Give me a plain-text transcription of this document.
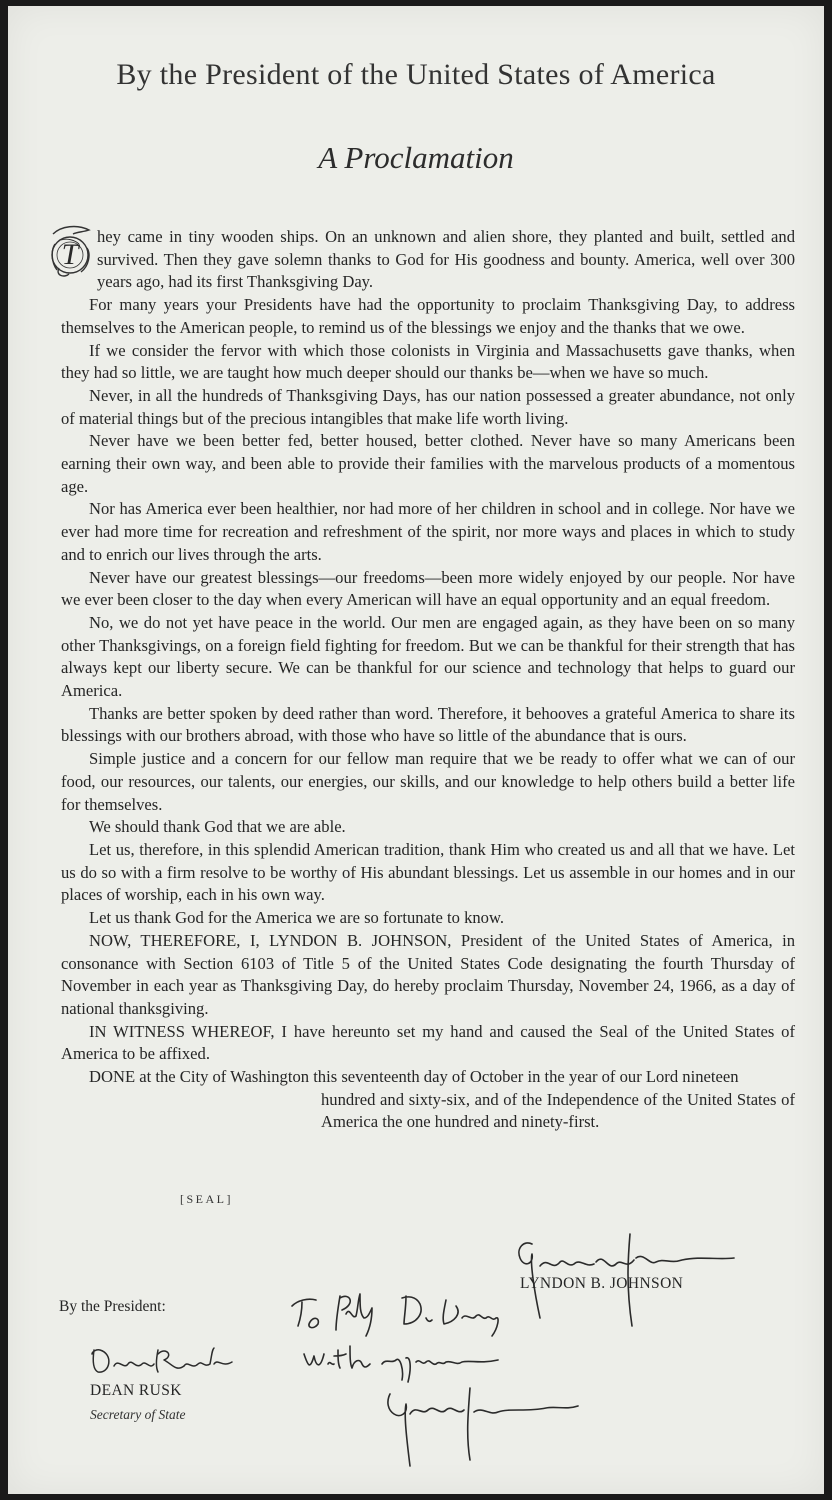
By the President of the United States of America
A Proclamation

T
hey came in tiny wooden ships. On an unknown and alien shore, they planted and built, settled and survived. Then they gave solemn thanks to God for His goodness and bounty. America, well over 300 years ago, had its first Thanksgiving Day.

For many years your Presidents have had the opportunity to proclaim Thanksgiving Day, to address themselves to the American people, to remind us of the blessings we enjoy and the thanks that we owe.

If we consider the fervor with which those colonists in Virginia and Massachusetts gave thanks, when they had so little, we are taught how much deeper should our thanks be—when we have so much.

Never, in all the hundreds of Thanksgiving Days, has our nation possessed a greater abundance, not only of material things but of the precious intangibles that make life worth living.

Never have we been better fed, better housed, better clothed. Never have so many Americans been earning their own way, and been able to provide their families with the marvelous products of a momentous age.

Nor has America ever been healthier, nor had more of her children in school and in college. Nor have we ever had more time for recreation and refreshment of the spirit, nor more ways and places in which to study and to enrich our lives through the arts.

Never have our greatest blessings—our freedoms—been more widely enjoyed by our people. Nor have we ever been closer to the day when every American will have an equal opportunity and an equal freedom.

No, we do not yet have peace in the world. Our men are engaged again, as they have been on so many other Thanksgivings, on a foreign field fighting for freedom. But we can be thankful for their strength that has always kept our liberty secure. We can be thankful for our science and technology that helps to guard our America.

Thanks are better spoken by deed rather than word. Therefore, it behooves a grateful America to share its blessings with our brothers abroad, with those who have so little of the abundance that is ours.

Simple justice and a concern for our fellow man require that we be ready to offer what we can of our food, our resources, our talents, our energies, our skills, and our knowledge to help others build a better life for themselves.

We should thank God that we are able.

Let us, therefore, in this splendid American tradition, thank Him who created us and all that we have. Let us do so with a firm resolve to be worthy of His abundant blessings. Let us assemble in our homes and in our places of worship, each in his own way.

Let us thank God for the America we are so fortunate to know.

NOW, THEREFORE, I, LYNDON B. JOHNSON, President of the United States of America, in consonance with Section 6103 of Title 5 of the United States Code designating the fourth Thursday of November in each year as Thanksgiving Day, do hereby proclaim Thursday, November 24, 1966, as a day of national thanksgiving.

IN WITNESS WHEREOF, I have hereunto set my hand and caused the Seal of the United States of America to be affixed.

DONE at the City of Washington this seventeenth day of October in the year of our Lord nineteen
hundred and sixty-six, and of the Independence of the United States of America the one hundred and ninety-first.

[SEAL]
LYNDON B. JOHNSON
By the President:
DEAN RUSK
Secretary of State
